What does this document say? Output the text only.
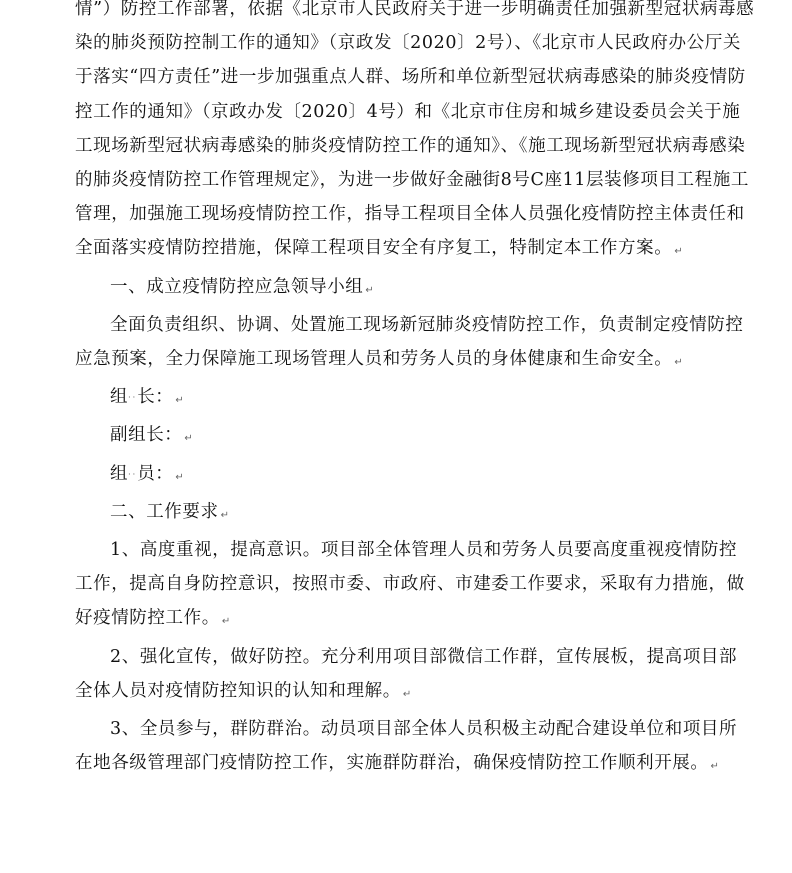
情”）防控工作部署，依据《北京市人民政府关于进一步明确责任加强新型冠状病毒感染的肺炎预防控制工作的通知》（京政发〔2020〕2号）、《北京市人民政府办公厅关于落实“四方责任”进一步加强重点人群、场所和单位新型冠状病毒感染的肺炎疫情防控工作的通知》（京政办发〔2020〕4号）和《北京市住房和城乡建设委员会关于施工现场新型冠状病毒感染的肺炎疫情防控工作的通知》、《施工现场新型冠状病毒感染的肺炎疫情防控工作管理规定》，为进一步做好金融街8号C座11层装修项目工程施工管理，加强施工现场疫情防控工作，指导工程项目全体人员强化疫情防控主体责任和全面落实疫情防控措施，保障工程项目安全有序复工，特制定本工作方案。 ↵

一、成立疫情防控应急领导小组 ↵

全面负责组织、协调、处置施工现场新冠肺炎疫情防控工作，负责制定疫情防控应急预案，全力保障施工现场管理人员和劳务人员的身体健康和生命安全。 ↵

组··长： ↵

副组长： ↵

组··员： ↵

二、工作要求 ↵

1、高度重视，提高意识。项目部全体管理人员和劳务人员要高度重视疫情防控工作，提高自身防控意识，按照市委、市政府、市建委工作要求，采取有力措施，做好疫情防控工作。 ↵

2、强化宣传，做好防控。充分利用项目部微信工作群，宣传展板，提高项目部全体人员对疫情防控知识的认知和理解。 ↵

3、全员参与，群防群治。动员项目部全体人员积极主动配合建设单位和项目所在地各级管理部门疫情防控工作，实施群防群治，确保疫情防控工作顺利开展。 ↵
